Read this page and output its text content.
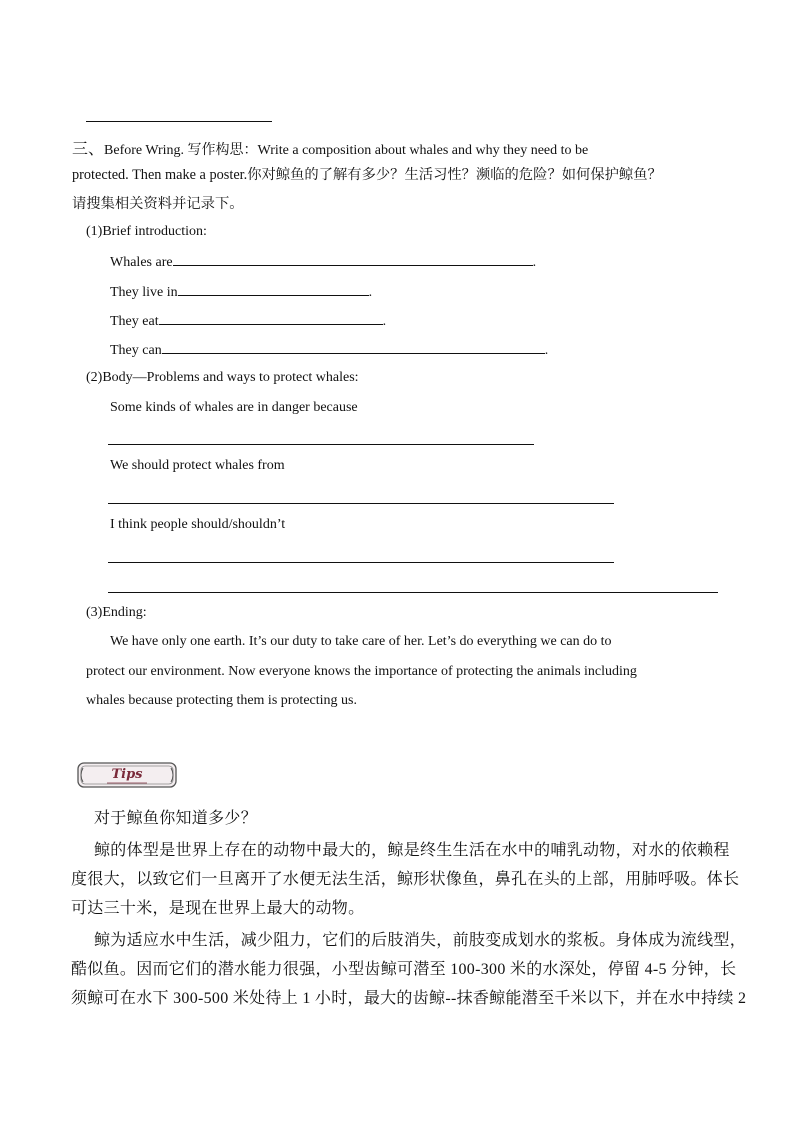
三、Before Wring. 写作构思：Write a composition about whales and why they need to be
protected. Then make a poster.你对鲸鱼的了解有多少？生活习性？濒临的危险？如何保护鲸鱼？
请搜集相关资料并记录下。
(1)Brief introduction:
Whales are	.
They live in	.
They eat	.
They can	.
(2)Body—Problems and ways to protect whales:
Some kinds of whales are in danger because
We should protect whales from
I think people should/shouldn’t
(3)Ending:
We have only one earth. It’s our duty to take care of her. Let’s do everything we can do to
protect our environment. Now everyone knows the importance of protecting the animals including
whales because protecting them is protecting us.
Tips
对于鲸鱼你知道多少？
鲸的体型是世界上存在的动物中最大的，鲸是终生生活在水中的哺乳动物，对水的依赖程
度很大，以致它们一旦离开了水便无法生活，鲸形状像鱼，鼻孔在头的上部，用肺呼吸。体长
可达三十米，是现在世界上最大的动物。
鲸为适应水中生活，减少阻力，它们的后肢消失，前肢变成划水的浆板。身体成为流线型，
酷似鱼。因而它们的潜水能力很强，小型齿鲸可潜至 100-300 米的水深处，停留 4-5 分钟，长
须鲸可在水下 300-500 米处待上 1 小时，最大的齿鲸--抹香鲸能潜至千米以下，并在水中持续 2
